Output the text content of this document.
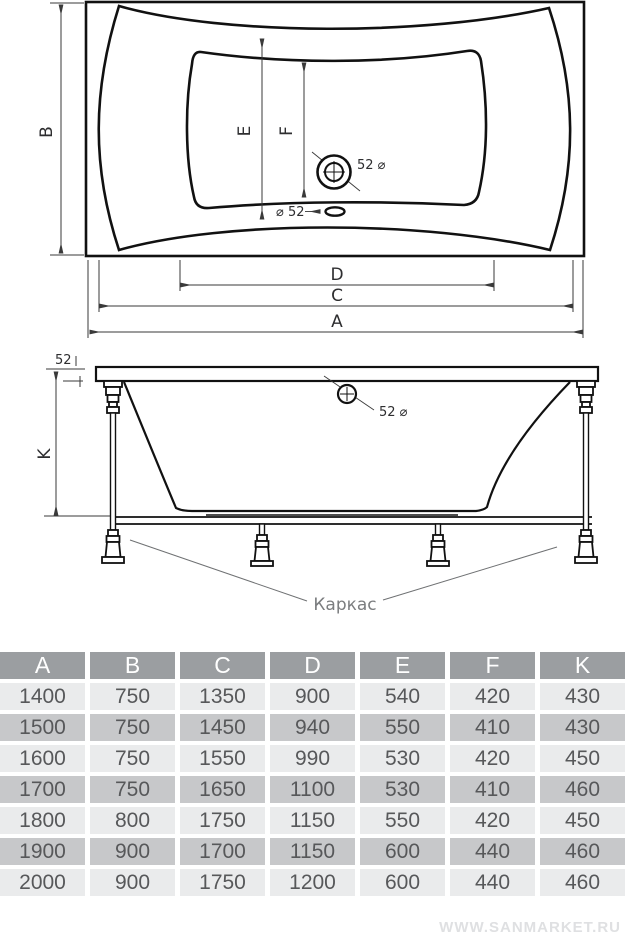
B	E F
52 ⌀
⌀ 52
D
C
A
52
K
52 ⌀
Каркас
A	B	C	D	E	F	K
1400	750	1350	900	540	420	430
1500	750	1450	940	550	410	430
1600	750	1550	990	530	420	450
1700	750	1650	1100	530	410	460
1800	800	1750	1150	550	420	450
1900	900	1700	1150	600	440	460
2000	900	1750	1200	600	440	460
WWW.SANMARKET.RU
